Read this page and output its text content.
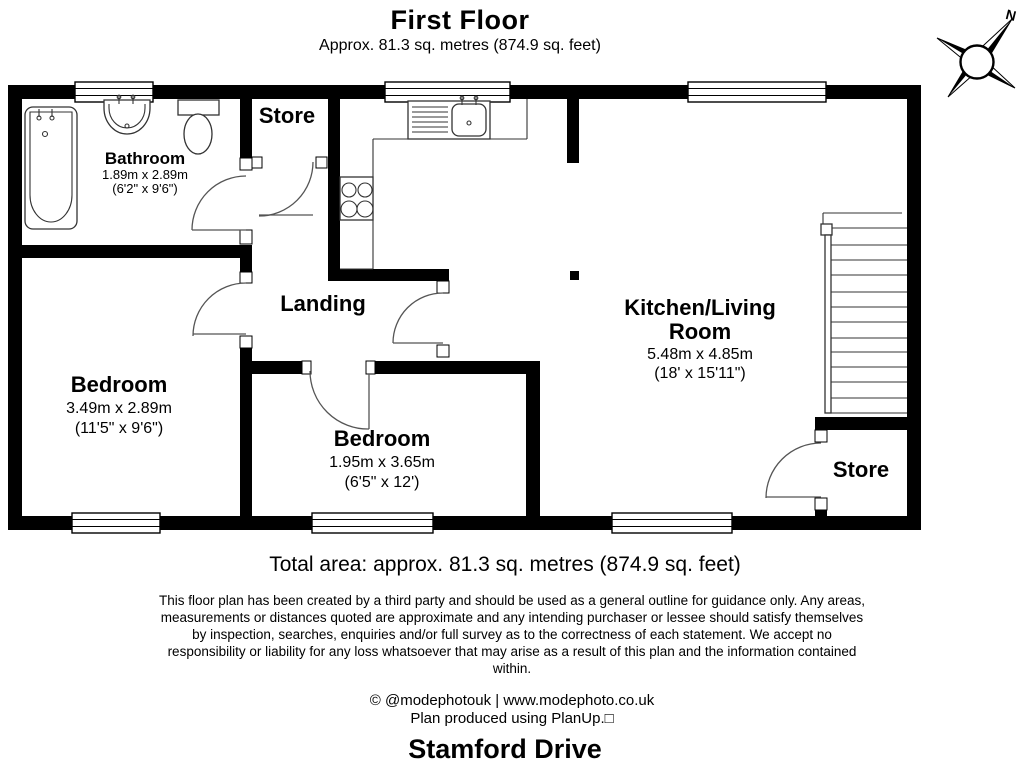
First Floor
Approx. 81.3 sq. metres (874.9 sq. feet)
N
Bathroom
1.89m x 2.89m
(6'2" x 9'6")
Store
Landing
Bedroom
3.49m x 2.89m
(11'5" x 9'6")	Bedroom
1.95m x 3.65m
(6'5" x 12')
Kitchen/Living
Room
5.48m x 4.85m
(18' x 15'11")
Store
Total area: approx. 81.3 sq. metres (874.9 sq. feet)
This floor plan has been created by a third party and should be used as a general outline for guidance only. Any areas,
measurements or distances quoted are approximate and any intending purchaser or lessee should satisfy themselves
by inspection, searches, enquiries and/or full survey as to the correctness of each statement. We accept no
responsibility or liability for any loss whatsoever that may arise as a result of this plan and the information contained
within.
© @modephotouk | www.modephoto.co.uk
Plan produced using PlanUp.□
Stamford Drive
